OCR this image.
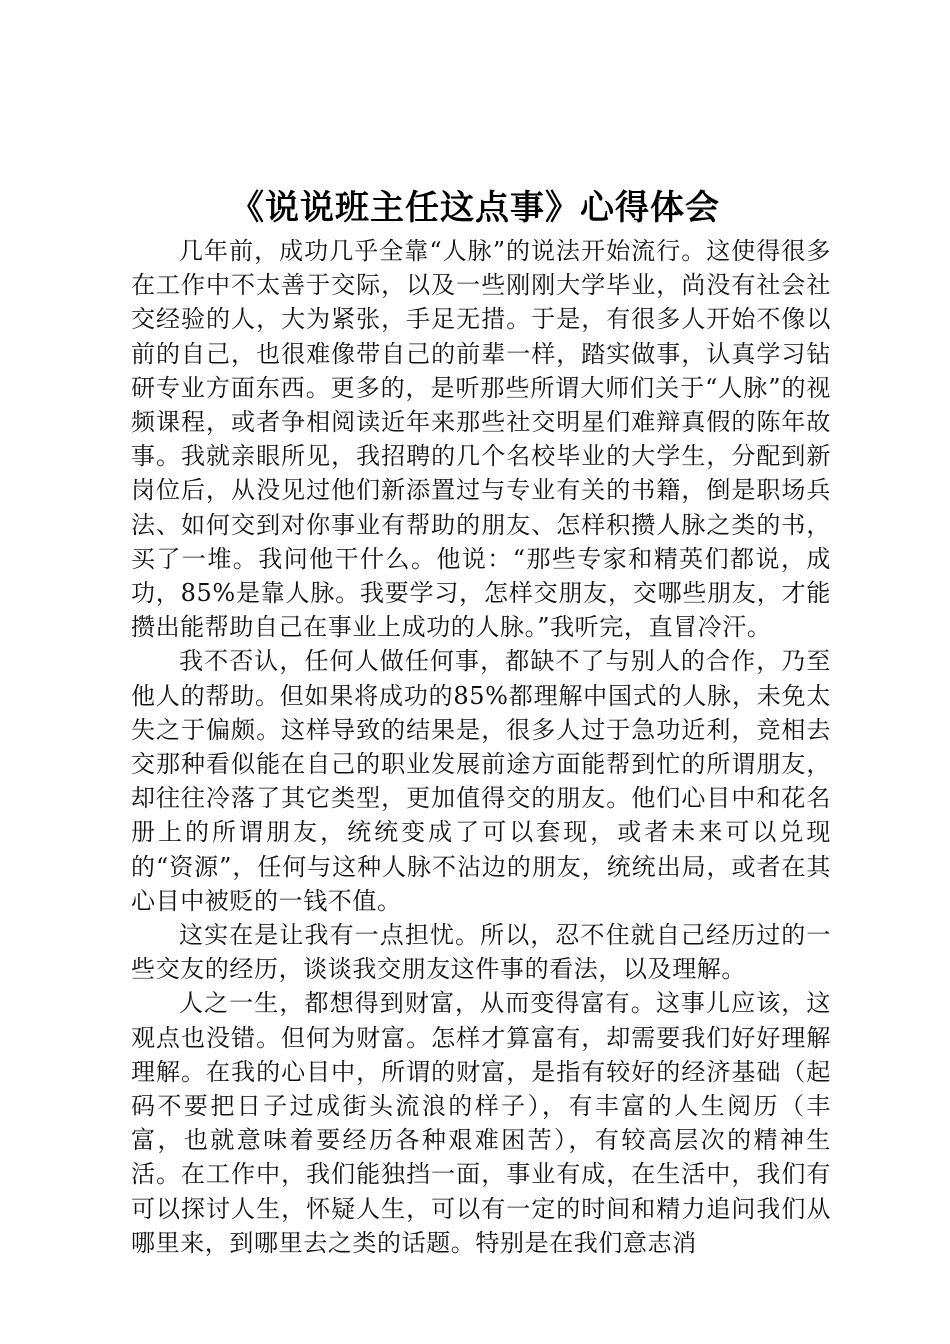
《说说班主任这点事》心得体会

几年前，成功几乎全靠“人脉”的说法开始流行。这使得很多在工作中不太善于交际，以及一些刚刚大学毕业，尚没有社会社交经验的人，大为紧张，手足无措。于是，有很多人开始不像以前的自己，也很难像带自己的前辈一样，踏实做事，认真学习钻研专业方面东西。更多的，是听那些所谓大师们关于“人脉”的视频课程，或者争相阅读近年来那些社交明星们难辩真假的陈年故事。我就亲眼所见，我招聘的几个名校毕业的大学生，分配到新岗位后，从没见过他们新添置过与专业有关的书籍，倒是职场兵法、如何交到对你事业有帮助的朋友、怎样积攒人脉之类的书，买了一堆。我问他干什么。他说：“那些专家和精英们都说，成功，85%是靠人脉。我要学习，怎样交朋友，交哪些朋友，才能攒出能帮助自己在事业上成功的人脉。”我听完，直冒冷汗。

我不否认，任何人做任何事，都缺不了与别人的合作，乃至他人的帮助。但如果将成功的85%都理解中国式的人脉，未免太失之于偏颇。这样导致的结果是，很多人过于急功近利，竞相去交那种看似能在自己的职业发展前途方面能帮到忙的所谓朋友，却往往冷落了其它类型，更加值得交的朋友。他们心目中和花名册上的所谓朋友，统统变成了可以套现，或者未来可以兑现的“资源”，任何与这种人脉不沾边的朋友，统统出局，或者在其心目中被贬的一钱不值。

这实在是让我有一点担忧。所以，忍不住就自己经历过的一些交友的经历，谈谈我交朋友这件事的看法，以及理解。

人之一生，都想得到财富，从而变得富有。这事儿应该，这观点也没错。但何为财富。怎样才算富有，却需要我们好好理解理解。在我的心目中，所谓的财富，是指有较好的经济基础（起码不要把日子过成街头流浪的样子），有丰富的人生阅历（丰富，也就意味着要经历各种艰难困苦），有较高层次的精神生活。在工作中，我们能独挡一面，事业有成，在生活中，我们有可以探讨人生，怀疑人生，可以有一定的时间和精力追问我们从哪里来，到哪里去之类的话题。特别是在我们意志消
